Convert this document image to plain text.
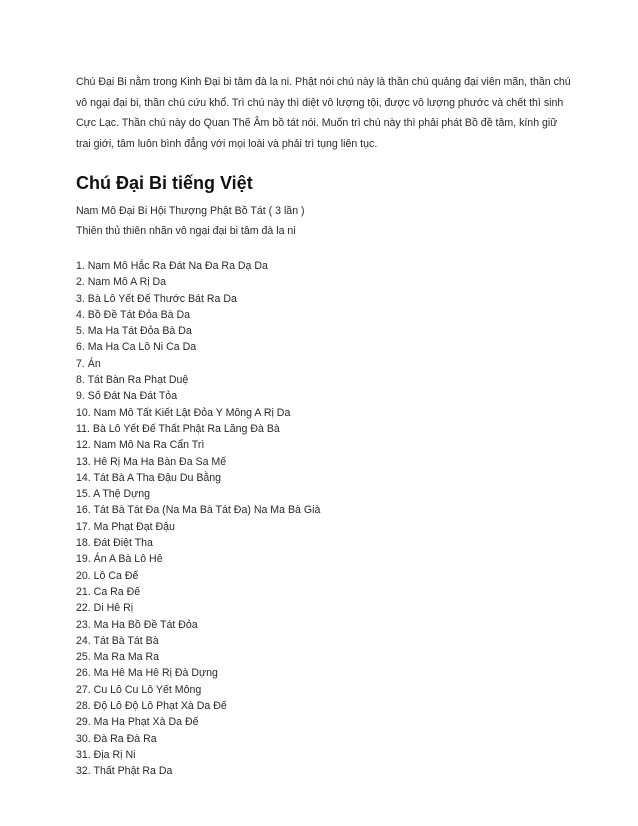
Chú Đại Bi nằm trong Kinh Đại bi tâm đà la ni. Phật nói chú này là thần chú quảng đại viên mãn, thần chú
vô ngại đại bi, thần chú cứu khổ. Trì chú này thì diệt vô lượng tội, được vô lượng phước và chết thì sinh
Cực Lạc. Thần chú này do Quan Thế Âm bồ tát nói. Muốn trì chú này thì phải phát Bồ đề tâm, kính giữ
trai giới, tâm luôn bình đẳng với mọi loài và phải trì tụng liên tục.

Chú Đại Bi tiếng Việt
Nam Mô Đại Bi Hội Thượng Phật Bồ Tát ( 3 lần )
Thiên thủ thiên nhãn vô ngại đại bi tâm đà la ni
1. Nam Mô Hắc Ra Đát Na Đa Ra Dạ Da
2. Nam Mô A Rị Da
3. Bà Lô Yết Đế Thước Bát Ra Da
4. Bồ Đề Tát Đỏa Bà Da
5. Ma Ha Tát Đỏa Bà Da
6. Ma Ha Ca Lô Ni Ca Da
7. Án
8. Tát Bàn Ra Phạt Duệ
9. Số Đát Na Đát Tỏa
10. Nam Mô Tất Kiết Lật Đỏa Y Mông A Rị Da
11. Bà Lô Yết Đế Thất Phật Ra Lăng Đà Bà
12. Nam Mô Na Ra Cẩn Trì
13. Hê Rị Ma Ha Bàn Đa Sa Mế
14. Tát Bà A Tha Đậu Du Bằng
15. A Thệ Dựng
16. Tát Bà Tát Đa (Na Ma Bà Tát Đa) Na Ma Bà Già
17. Ma Phạt Đạt Đậu
18. Đát Điệt Tha
19. Án A Bà Lô Hê
20. Lô Ca Đế
21. Ca Ra Đế
22. Di Hê Rị
23. Ma Ha Bồ Đề Tát Đỏa
24. Tát Bà Tát Bà
25. Ma Ra Ma Ra
26. Ma Hê Ma Hê Rị Đà Dựng
27. Cu Lô Cu Lô Yết Mông
28. Độ Lô Độ Lô Phạt Xà Da Đế
29. Ma Ha Phạt Xà Da Đế
30. Đà Ra Đà Ra
31. Địa Rị Ni
32. Thất Phật Ra Da
